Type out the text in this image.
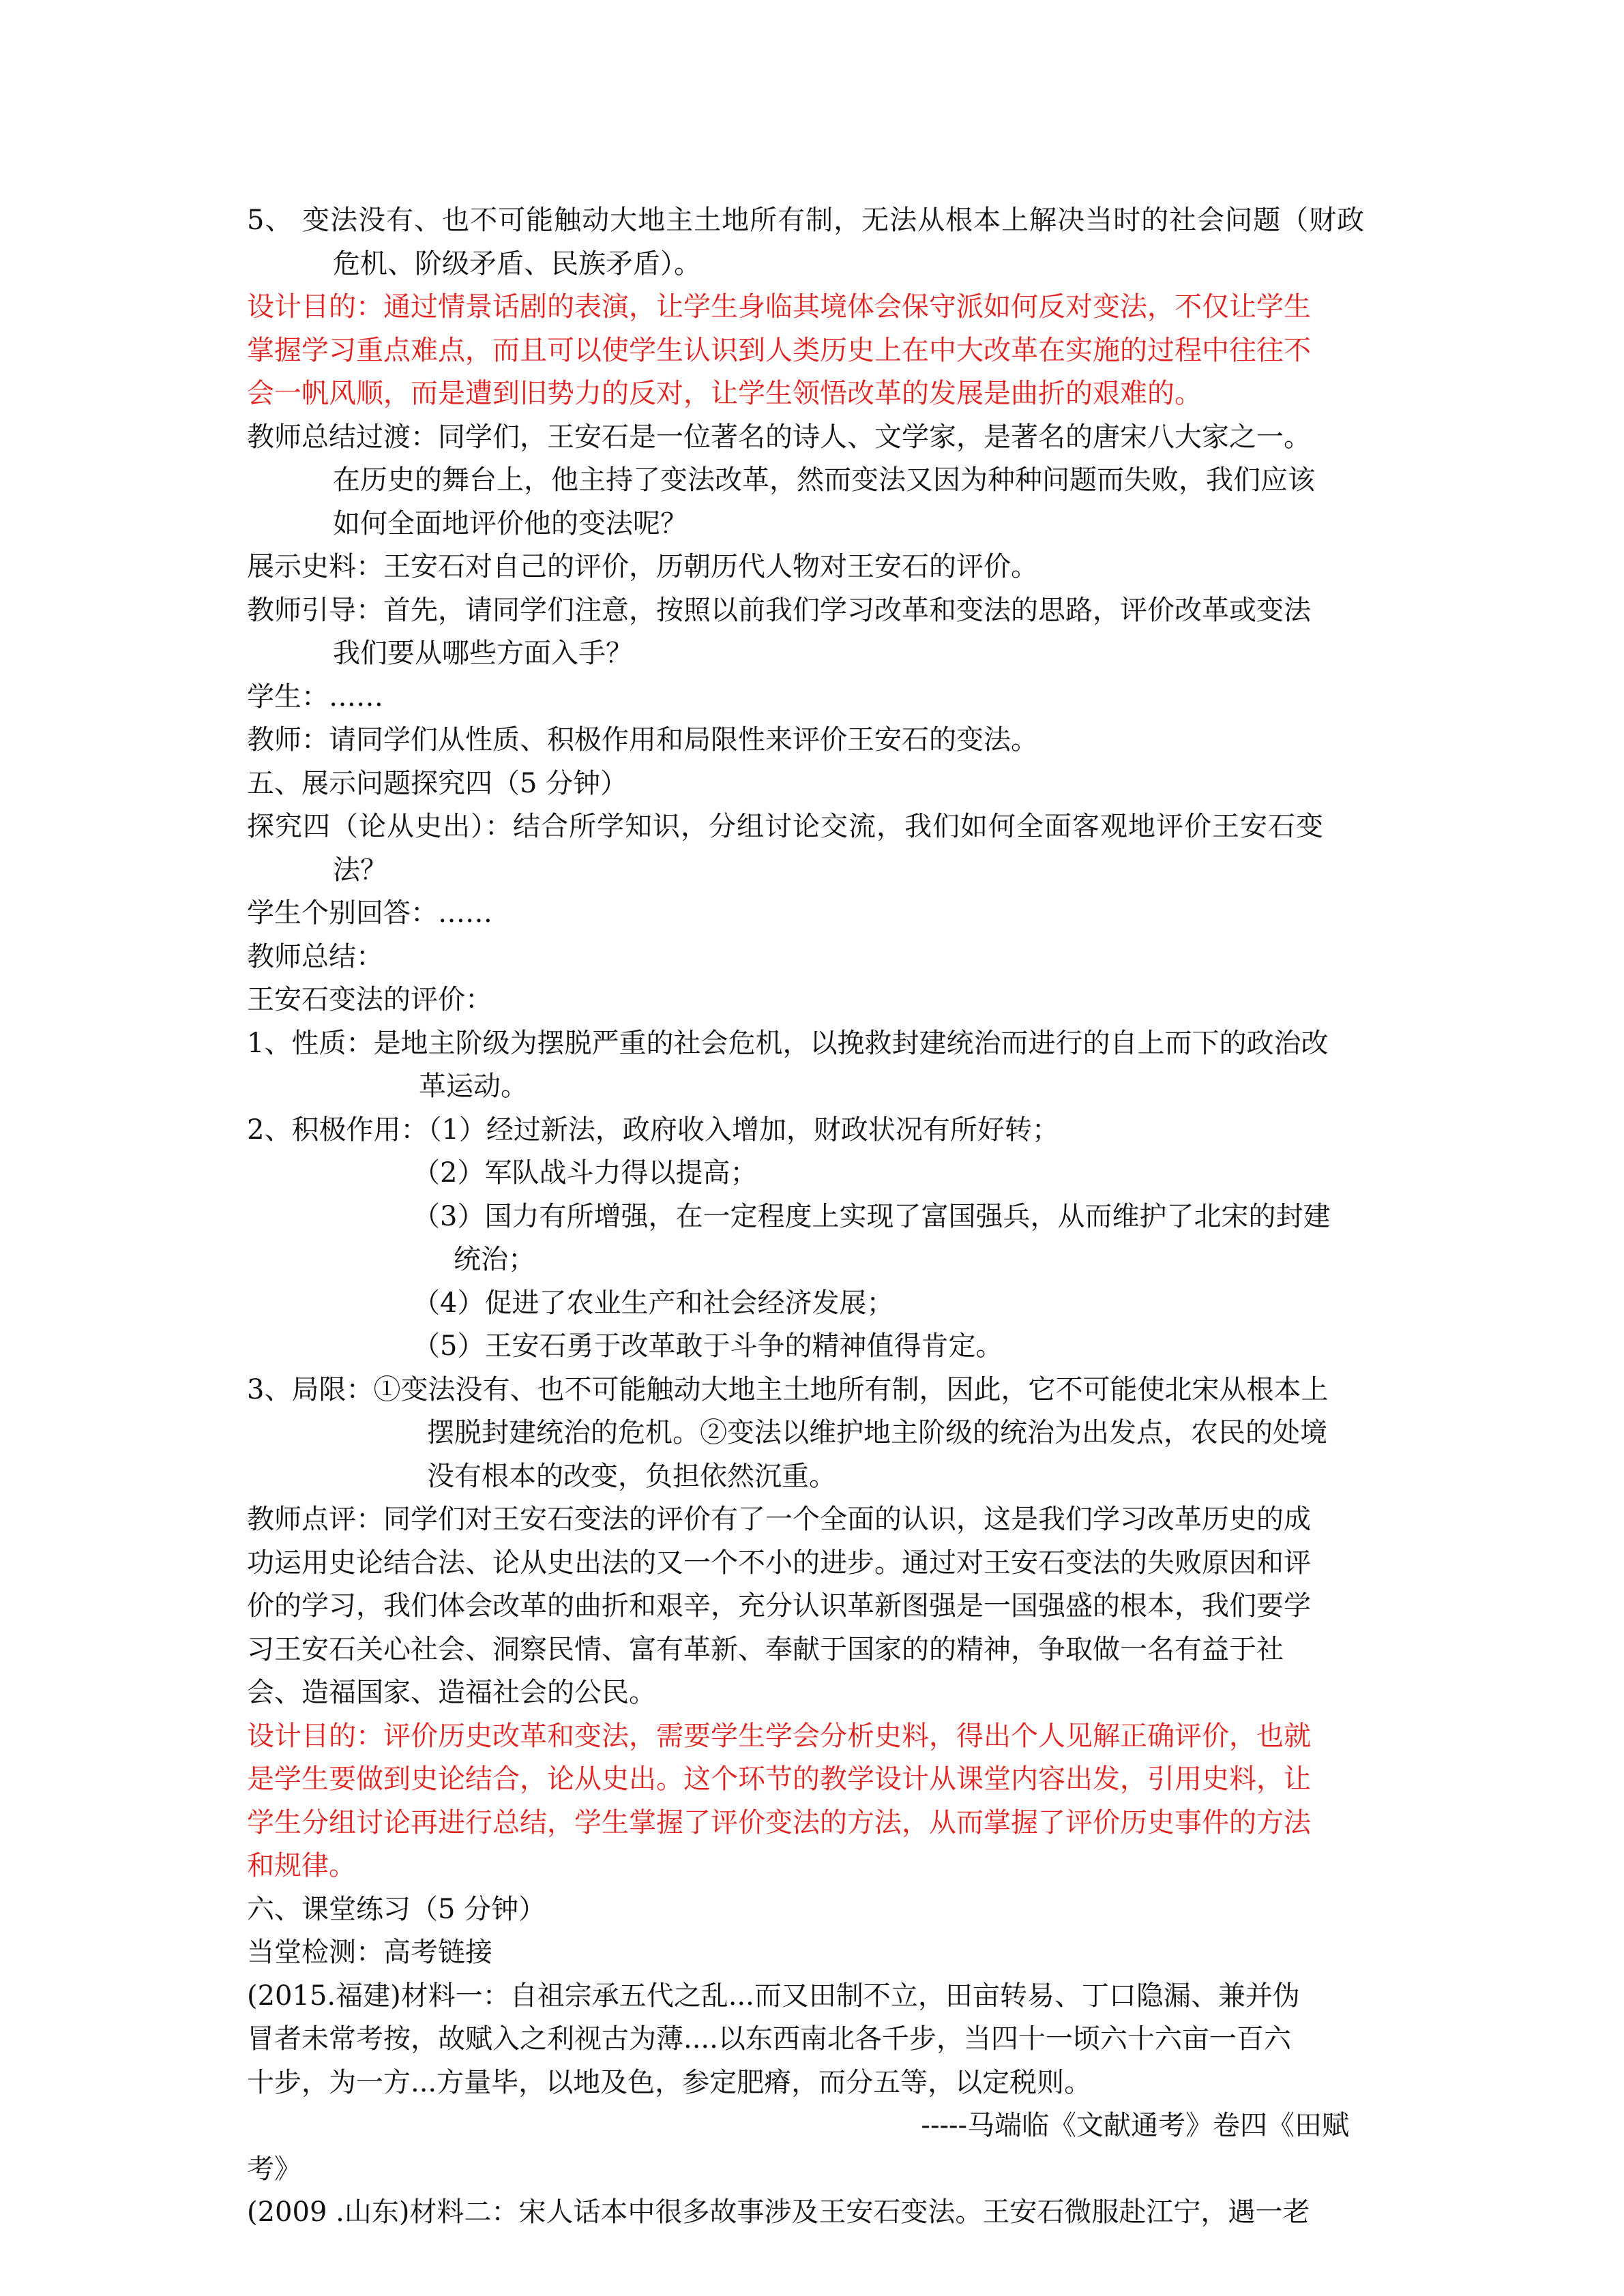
5、 变法没有、也不可能触动大地主土地所有制，无法从根本上解决当时的社会问题（财政
危机、阶级矛盾、民族矛盾）。
设计目的：通过情景话剧的表演，让学生身临其境体会保守派如何反对变法，不仅让学生
掌握学习重点难点，而且可以使学生认识到人类历史上在中大改革在实施的过程中往往不
会一帆风顺，而是遭到旧势力的反对，让学生领悟改革的发展是曲折的艰难的。
教师总结过渡：同学们，王安石是一位著名的诗人、文学家，是著名的唐宋八大家之一。
在历史的舞台上，他主持了变法改革，然而变法又因为种种问题而失败，我们应该
如何全面地评价他的变法呢？
展示史料：王安石对自己的评价，历朝历代人物对王安石的评价。
教师引导：首先，请同学们注意，按照以前我们学习改革和变法的思路，评价改革或变法
我们要从哪些方面入手？
学生：……
教师：请同学们从性质、积极作用和局限性来评价王安石的变法。
五、展示问题探究四（5 分钟）
探究四（论从史出）：结合所学知识，分组讨论交流，我们如何全面客观地评价王安石变
法？
学生个别回答：……
教师总结：
王安石变法的评价：
1、性质：是地主阶级为摆脱严重的社会危机，以挽救封建统治而进行的自上而下的政治改
革运动。
2、积极作用：（1）经过新法，政府收入增加，财政状况有所好转；
（2）军队战斗力得以提高；
（3）国力有所增强，在一定程度上实现了富国强兵，从而维护了北宋的封建
统治；
（4）促进了农业生产和社会经济发展；
（5）王安石勇于改革敢于斗争的精神值得肯定。
3、局限：①变法没有、也不可能触动大地主土地所有制，因此，它不可能使北宋从根本上
摆脱封建统治的危机。②变法以维护地主阶级的统治为出发点，农民的处境
没有根本的改变，负担依然沉重。
教师点评：同学们对王安石变法的评价有了一个全面的认识，这是我们学习改革历史的成
功运用史论结合法、论从史出法的又一个不小的进步。通过对王安石变法的失败原因和评
价的学习，我们体会改革的曲折和艰辛，充分认识革新图强是一国强盛的根本，我们要学
习王安石关心社会、洞察民情、富有革新、奉献于国家的的精神，争取做一名有益于社
会、造福国家、造福社会的公民。
设计目的：评价历史改革和变法，需要学生学会分析史料，得出个人见解正确评价，也就
是学生要做到史论结合，论从史出。这个环节的教学设计从课堂内容出发，引用史料，让
学生分组讨论再进行总结，学生掌握了评价变法的方法，从而掌握了评价历史事件的方法
和规律。
六、课堂练习（5 分钟）
当堂检测：高考链接
(2015.福建)材料一：自祖宗承五代之乱...而又田制不立，田亩转易、丁口隐漏、兼并伪
冒者未常考按，故赋入之利视古为薄....以东西南北各千步，当四十一顷六十六亩一百六
十步，为一方...方量毕，以地及色，参定肥瘠，而分五等，以定税则。
-----马端临《文献通考》卷四《田赋
考》
(2009 .山东)材料二：宋人话本中很多故事涉及王安石变法。王安石微服赴江宁，遇一老
